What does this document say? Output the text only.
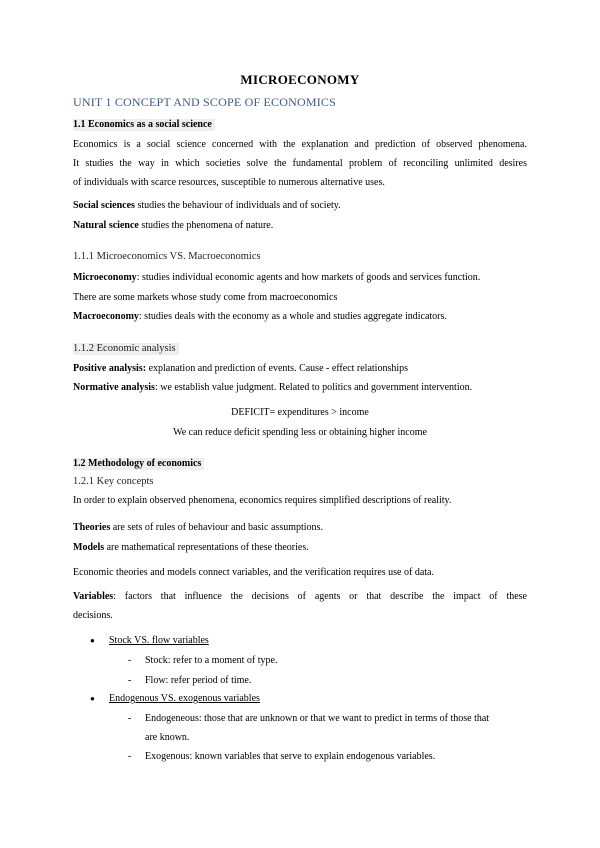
MICROECONOMY
UNIT 1 CONCEPT AND SCOPE OF ECONOMICS
1.1 Economics as a social science
Economics is a social science concerned with the explanation and prediction of observed phenomena.
It studies the way in which societies solve the fundamental problem of reconciling unlimited desires
of individuals with scarce resources, susceptible to numerous alternative uses.
Social sciences studies the behaviour of individuals and of society.
Natural science studies the phenomena of nature.
1.1.1 Microeconomics VS. Macroeconomics
Microeconomy: studies individual economic agents and how markets of goods and services function.
There are some markets whose study come from macroeconomics
Macroeconomy: studies deals with the economy as a whole and studies aggregate indicators.
1.1.2 Economic analysis
Positive analysis: explanation and prediction of events. Cause - effect relationships
Normative analysis: we establish value judgment. Related to politics and government intervention.
DEFICIT= expenditures > income
We can reduce deficit spending less or obtaining higher income
1.2 Methodology of economics
1.2.1 Key concepts
In order to explain observed phenomena, economics requires simplified descriptions of reality.
Theories are sets of rules of behaviour and basic assumptions.
Models are mathematical representations of these theories.
Economic theories and models connect variables, and the verification requires use of data.
Variables: factors that influence the decisions of agents or that describe the impact of these
decisions.
● Stock VS. flow variables
- Stock: refer to a moment of type.
- Flow: refer period of time.
● Endogenous VS. exogenous variables
- Endogeneous: those that are unknown or that we want to predict in terms of those that
are known.
- Exogenous: known variables that serve to explain endogenous variables.
